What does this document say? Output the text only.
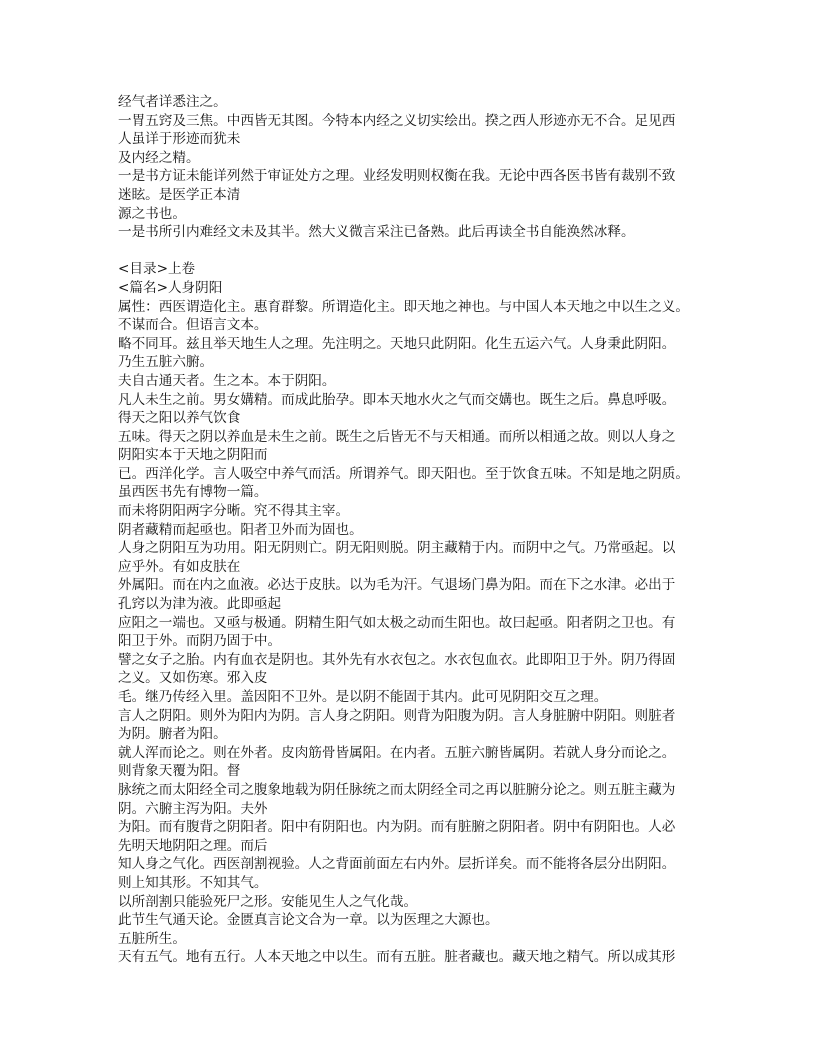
经气者详悉注之。
一胃五窍及三焦。中西皆无其图。今特本内经之义切实绘出。揆之西人形迹亦无不合。足见西
人虽详于形迹而犹未
及内经之精。
一是书方证未能详列然于审证处方之理。业经发明则权衡在我。无论中西各医书皆有裁别不致
迷眩。是医学正本清
源之书也。
一是书所引内难经文未及其半。然大义微言采注已备熟。此后再读全书自能涣然冰释。
<目录>上卷
<篇名>人身阴阳
属性：西医谓造化主。惠育群黎。所谓造化主。即天地之神也。与中国人本天地之中以生之义。
不谋而合。但语言文本。
略不同耳。兹且举天地生人之理。先注明之。天地只此阴阳。化生五运六气。人身秉此阴阳。
乃生五脏六腑。
夫自古通天者。生之本。本于阴阳。
凡人未生之前。男女媾精。而成此胎孕。即本天地水火之气而交媾也。既生之后。鼻息呼吸。
得天之阳以养气饮食
五味。得天之阴以养血是未生之前。既生之后皆无不与天相通。而所以相通之故。则以人身之
阴阳实本于天地之阴阳而
已。西洋化学。言人吸空中养气而活。所谓养气。即天阳也。至于饮食五味。不知是地之阴质。
虽西医书先有博物一篇。
而未将阴阳两字分晰。究不得其主宰。
阴者藏精而起亟也。阳者卫外而为固也。
人身之阴阳互为功用。阳无阴则亡。阴无阳则脱。阴主藏精于内。而阴中之气。乃常亟起。以
应乎外。有如皮肤在
外属阳。而在内之血液。必达于皮肤。以为毛为汗。气退场门鼻为阳。而在下之水津。必出于
孔窍以为津为液。此即亟起
应阳之一端也。又亟与极通。阴精生阳气如太极之动而生阳也。故曰起亟。阳者阴之卫也。有
阳卫于外。而阴乃固于中。
譬之女子之胎。内有血衣是阴也。其外先有水衣包之。水衣包血衣。此即阳卫于外。阴乃得固
之义。又如伤寒。邪入皮
毛。继乃传经入里。盖因阳不卫外。是以阴不能固于其内。此可见阴阳交互之理。
言人之阴阳。则外为阳内为阴。言人身之阴阳。则背为阳腹为阴。言人身脏腑中阴阳。则脏者
为阴。腑者为阳。
就人浑而论之。则在外者。皮肉筋骨皆属阳。在内者。五脏六腑皆属阴。若就人身分而论之。
则背象天覆为阳。督
脉统之而太阳经全司之腹象地载为阴任脉统之而太阴经全司之再以脏腑分论之。则五脏主藏为
阴。六腑主泻为阳。夫外
为阳。而有腹背之阴阳者。阳中有阴阳也。内为阴。而有脏腑之阴阳者。阴中有阴阳也。人必
先明天地阴阳之理。而后
知人身之气化。西医剖割视验。人之背面前面左右内外。层折详矣。而不能将各层分出阴阳。
则上知其形。不知其气。
以所剖割只能验死尸之形。安能见生人之气化哉。
此节生气通天论。金匮真言论文合为一章。以为医理之大源也。
五脏所生。
天有五气。地有五行。人本天地之中以生。而有五脏。脏者藏也。藏天地之精气。所以成其形
